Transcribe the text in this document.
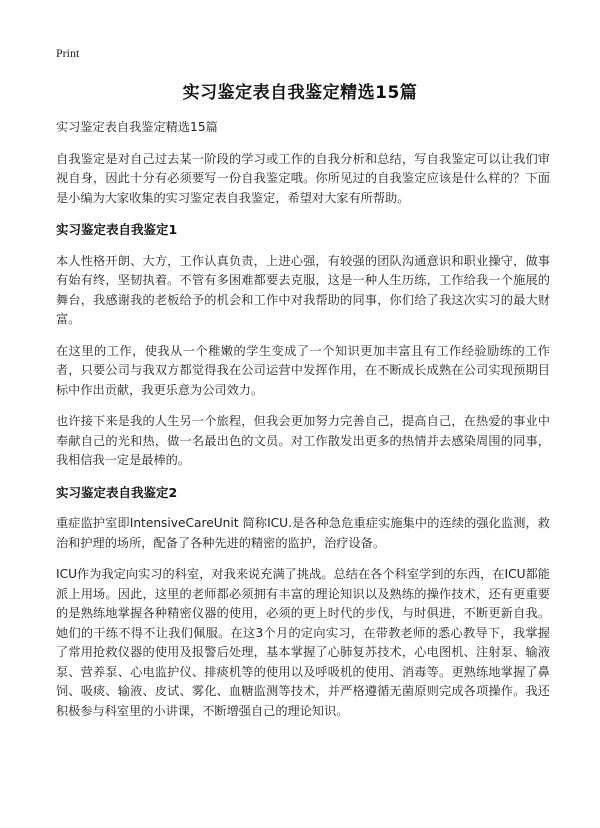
Print
实习鉴定表自我鉴定精选15篇

实习鉴定表自我鉴定精选15篇

自我鉴定是对自己过去某一阶段的学习或工作的自我分析和总结，写自我鉴定可以让我们审视自身，因此十分有必须要写一份自我鉴定哦。你所见过的自我鉴定应该是什么样的？下面是小编为大家收集的实习鉴定表自我鉴定，希望对大家有所帮助。

实习鉴定表自我鉴定1

本人性格开朗、大方，工作认真负责，上进心强，有较强的团队沟通意识和职业操守，做事有始有终，坚韧执着。不管有多困难都要去克服，这是一种人生历练，工作给我一个施展的舞台，我感谢我的老板给予的机会和工作中对我帮助的同事，你们给了我这次实习的最大财富。

在这里的工作，使我从一个稚嫩的学生变成了一个知识更加丰富且有工作经验励练的工作者，只要公司与我双方都觉得我在公司运营中发挥作用，在不断成长成熟在公司实现预期目标中作出贡献，我更乐意为公司效力。

也许接下来是我的人生另一个旅程，但我会更加努力完善自己，提高自己，在热爱的事业中奉献自己的光和热，做一名最出色的文员。对工作散发出更多的热情并去感染周围的同事，我相信我一定是最棒的。

实习鉴定表自我鉴定2

重症监护室即IntensiveCareUnit 简称ICU.是各种急危重症实施集中的连续的强化监测，救治和护理的场所，配备了各种先进的精密的监护，治疗设备。

ICU作为我定向实习的科室，对我来说充满了挑战。总结在各个科室学到的东西，在ICU都能派上用场。因此，这里的老师都必须拥有丰富的理论知识以及熟练的操作技术，还有更重要的是熟练地掌握各种精密仪器的使用，必须的更上时代的步伐，与时俱进，不断更新自我。她们的干练不得不让我们佩服。在这3个月的定向实习，在带教老师的悉心教导下，我掌握了常用抢救仪器的使用及报警后处理，基本掌握了心肺复苏技术，心电图机、注射泵、输液泵、营养泵、心电监护仪、排痰机等的使用以及呼吸机的使用、消毒等。更熟练地掌握了鼻饲、吸痰、输液、皮试、雾化、血糖监测等技术，并严格遵循无菌原则完成各项操作。我还积极参与科室里的小讲课，不断增强自己的理论知识。
